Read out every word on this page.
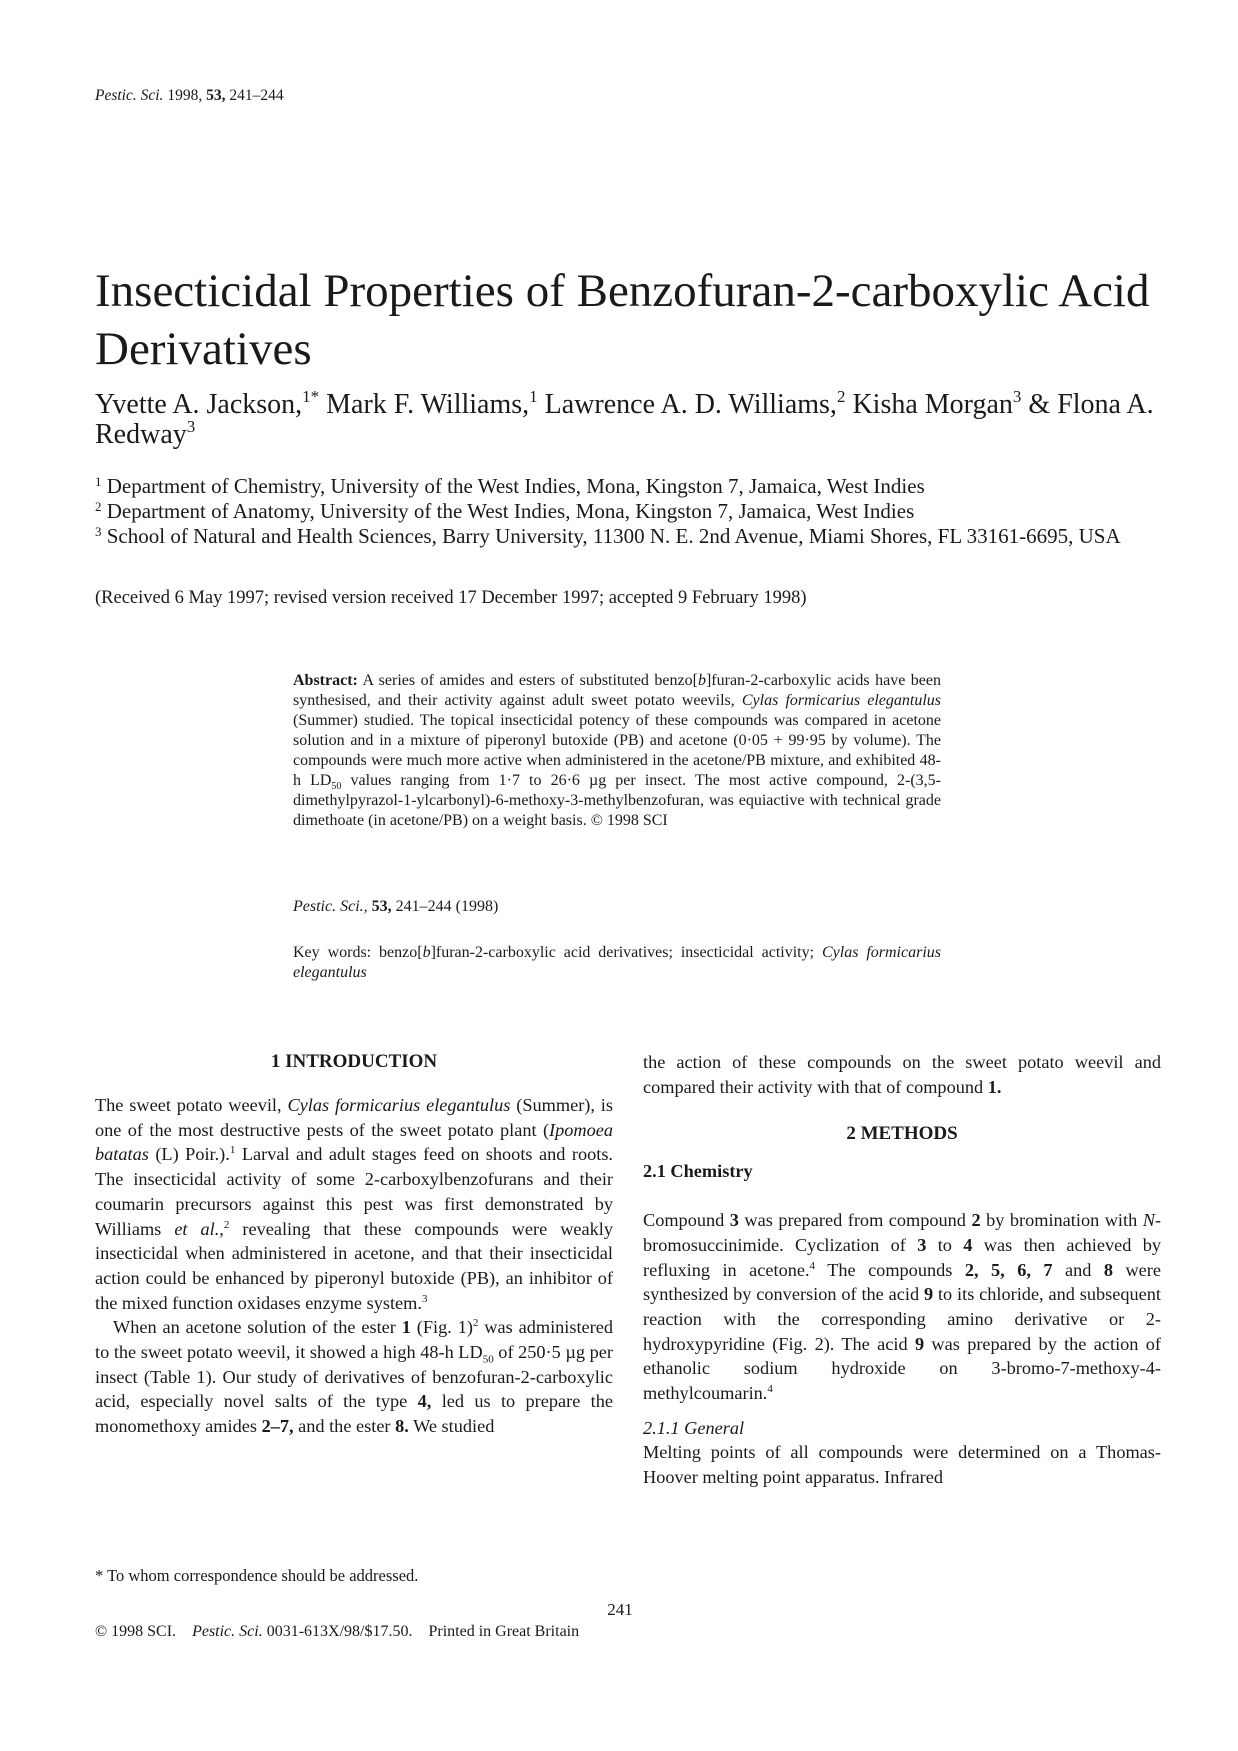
Pestic. Sci. 1998, 53, 241–244
Insecticidal Properties of Benzofuran-2-carboxylic Acid Derivatives
Yvette A. Jackson,$^{1*}$ Mark F. Williams,$^1$ Lawrence A. D. Williams,$^2$ Kisha Morgan$^3$ & Flona A. Redway$^3$
$^1$ Department of Chemistry, University of the West Indies, Mona, Kingston 7, Jamaica, West Indies
$^2$ Department of Anatomy, University of the West Indies, Mona, Kingston 7, Jamaica, West Indies
$^3$ School of Natural and Health Sciences, Barry University, 11300 N. E. 2nd Avenue, Miami Shores, FL 33161-6695, USA
(Received 6 May 1997; revised version received 17 December 1997; accepted 9 February 1998)

Abstract: A series of amides and esters of substituted benzo[b]furan-2-carboxylic acids have been synthesised, and their activity against adult sweet potato weevils, Cylas formicarius elegantulus (Summer) studied. The topical insecticidal potency of these compounds was compared in acetone solution and in a mixture of piperonyl butoxide (PB) and acetone (0·05 + 99·95 by volume). The compounds were much more active when administered in the acetone/PB mixture, and exhibited 48-h $LD_{50}$ values ranging from 1·7 to 26·6 µg per insect. The most active compound, 2-(3,5-dimethylpyrazol-1-ylcarbonyl)-6-methoxy-3-methylbenzofuran, was equiactive with technical grade dimethoate (in acetone/PB) on a weight basis. © 1998 SCI

Pestic. Sci., 53, 241–244 (1998)
Key words: benzo[b]furan-2-carboxylic acid derivatives; insecticidal activity; Cylas formicarius elegantulus
1 INTRODUCTION

The sweet potato weevil, Cylas formicarius elegantulus (Summer), is one of the most destructive pests of the sweet potato plant (Ipomoea batatas (L) Poir.).$^1$ Larval and adult stages feed on shoots and roots. The insecticidal activity of some 2-carboxylbenzofurans and their coumarin precursors against this pest was first demonstrated by Williams et al.,$^2$ revealing that these compounds were weakly insecticidal when administered in acetone, and that their insecticidal action could be enhanced by piperonyl butoxide (PB), an inhibitor of the mixed function oxidases enzyme system.$^3$

When an acetone solution of the ester 1 (Fig. 1)$^2$ was administered to the sweet potato weevil, it showed a high 48-h $LD_{50}$ of 250·5 µg per insect (Table 1). Our study of derivatives of benzofuran-2-carboxylic acid, especially novel salts of the type 4, led us to prepare the monomethoxy amides 2–7, and the ester 8. We studied

the action of these compounds on the sweet potato weevil and compared their activity with that of compound 1.

2 METHODS

2.1 Chemistry

Compound 3 was prepared from compound 2 by bromination with N-bromosuccinimide. Cyclization of 3 to 4 was then achieved by refluxing in acetone.$^4$ The compounds 2, 5, 6, 7 and 8 were synthesized by conversion of the acid 9 to its chloride, and subsequent reaction with the corresponding amino derivative or 2-hydroxypyridine (Fig. 2). The acid 9 was prepared by the action of ethanolic sodium hydroxide on 3-bromo-7-methoxy-4-methylcoumarin.$^4$

2.1.1 General

Melting points of all compounds were determined on a Thomas-Hoover melting point apparatus. Infrared

* To whom correspondence should be addressed.
241
© 1998 SCI. Pestic. Sci. 0031-613X/98/$17.50. Printed in Great Britain
